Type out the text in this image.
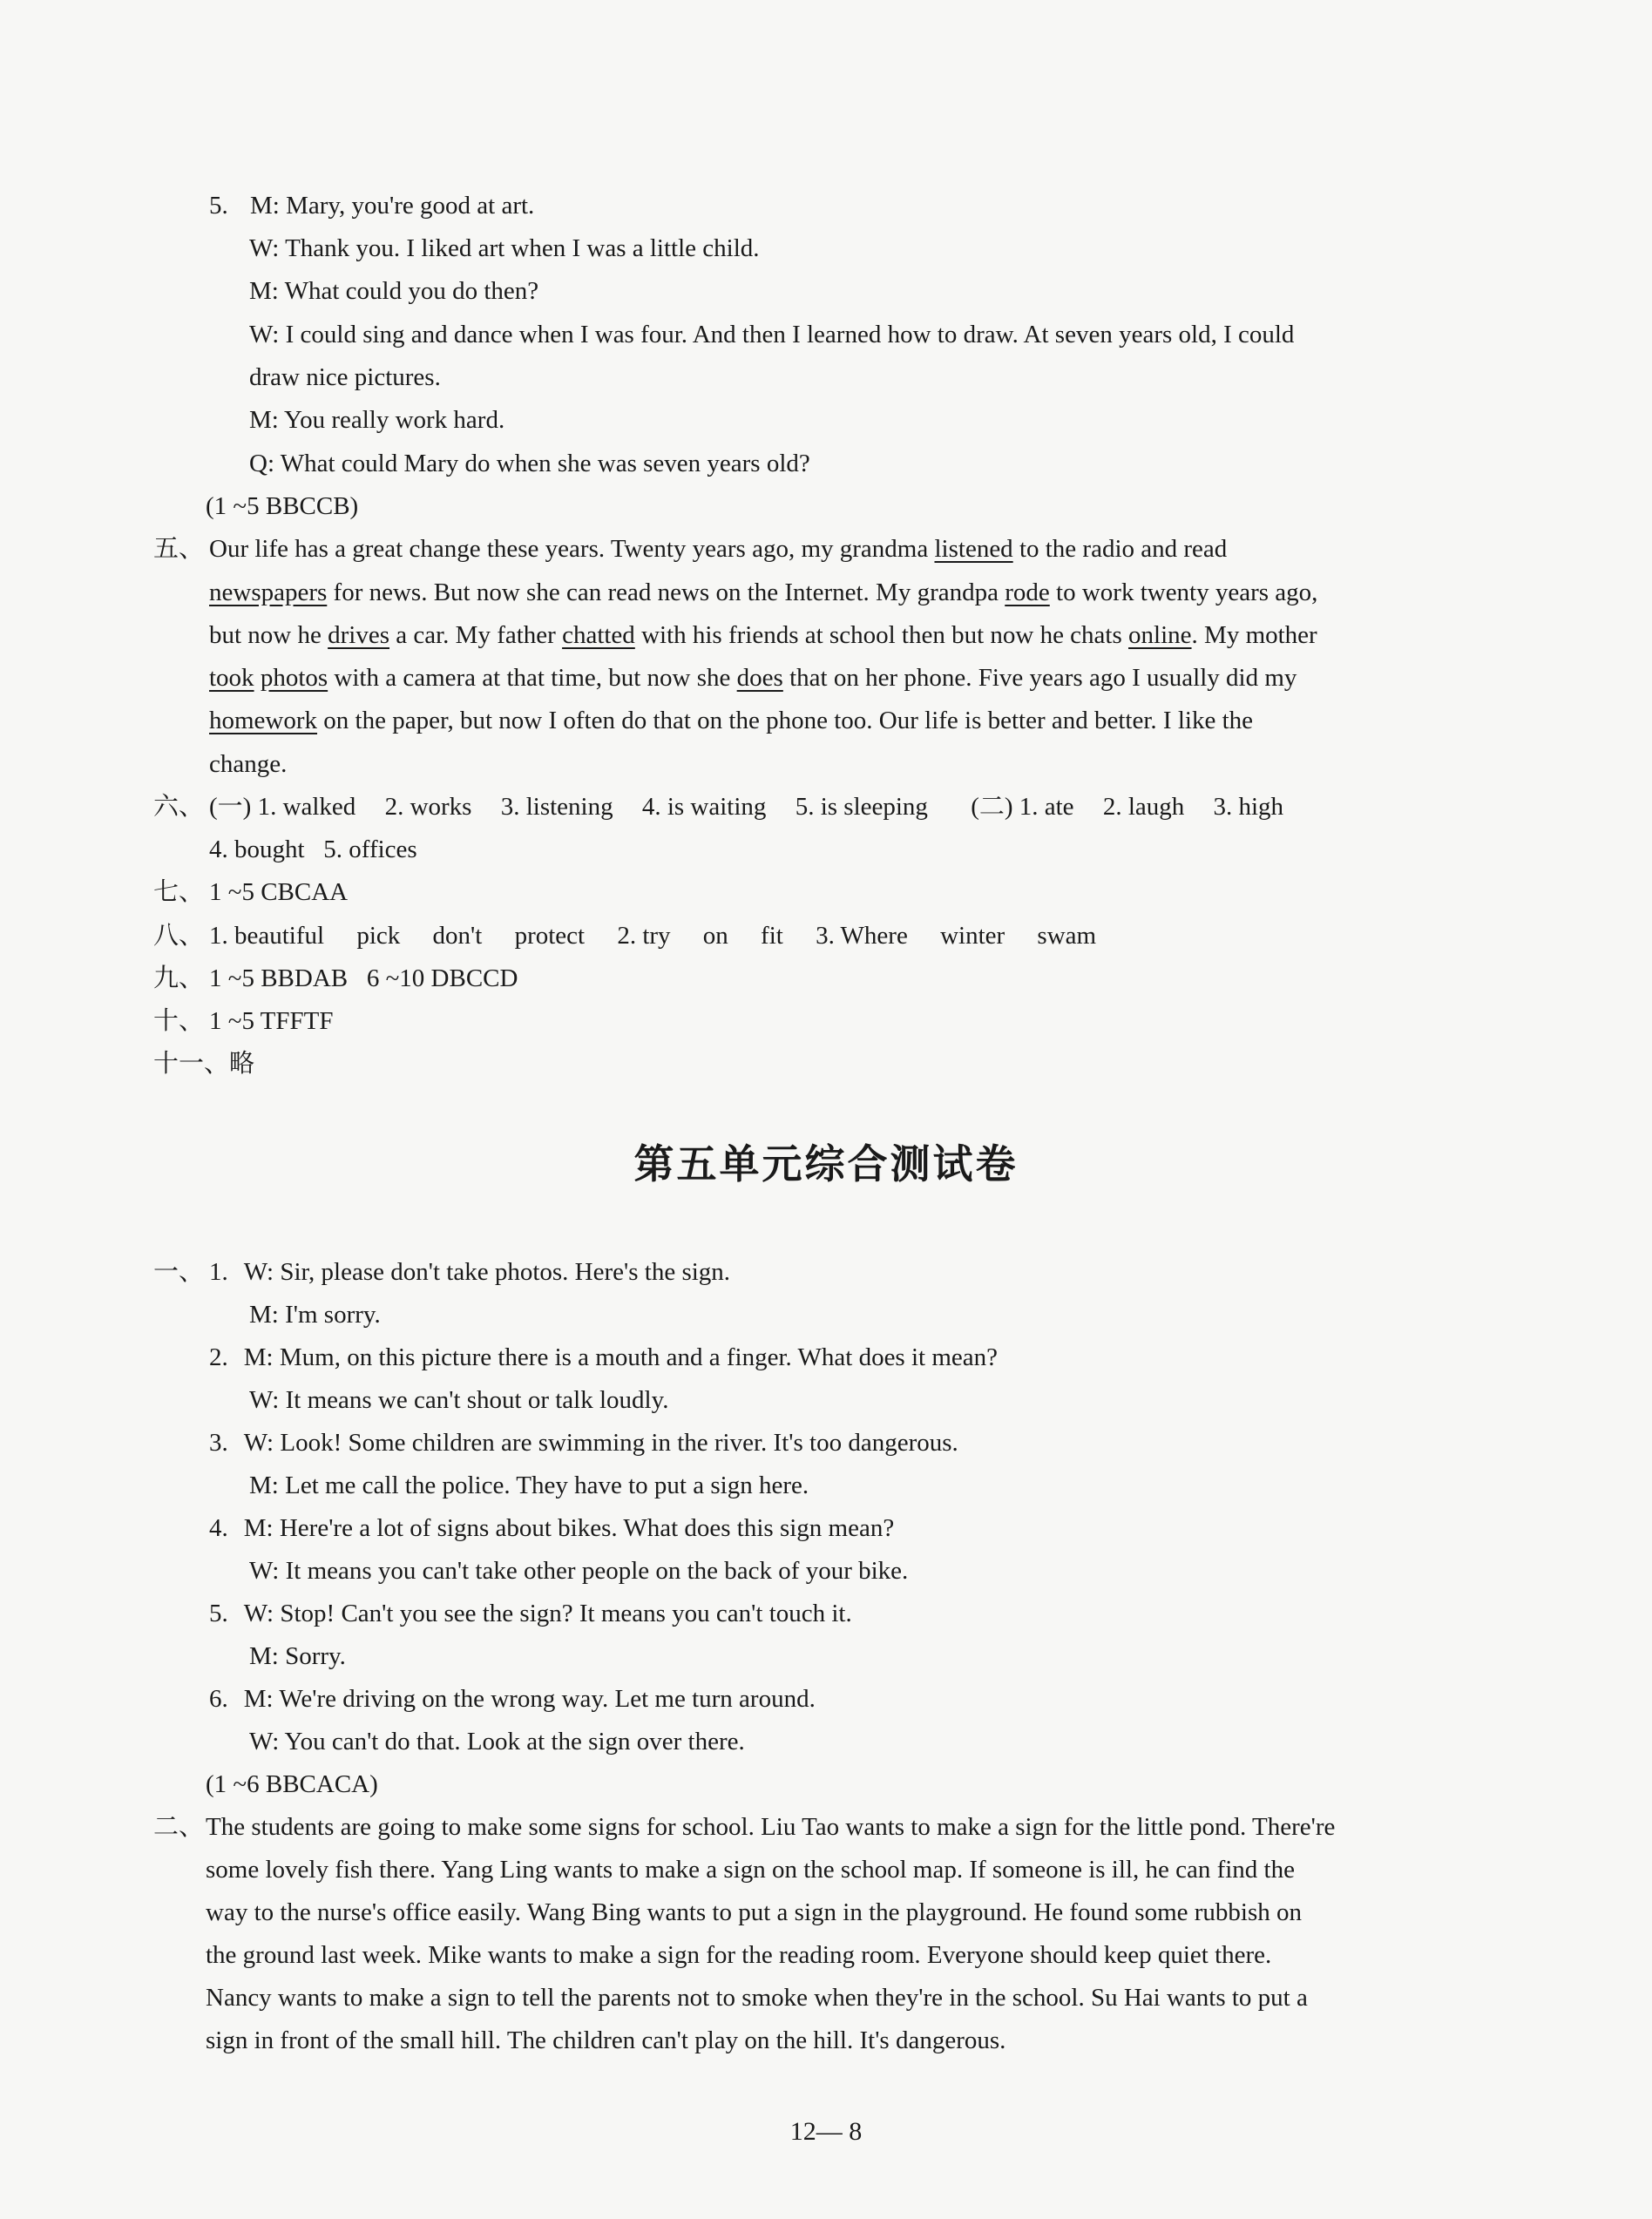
5. M: Mary, you're good at art.
W: Thank you. I liked art when I was a little child.
M: What could you do then?
W: I could sing and dance when I was four. And then I learned how to draw. At seven years old, I could
draw nice pictures.
M: You really work hard.
Q: What could Mary do when she was seven years old?
(1 ~5 BBCCB)
五、 Our life has a great change these years. Twenty years ago, my grandma listened to the radio and read
newspapers for news. But now she can read news on the Internet. My grandpa rode to work twenty years ago,
but now he drives a car. My father chatted with his friends at school then but now he chats online. My mother
took photos with a camera at that time, but now she does that on her phone. Five years ago I usually did my
homework on the paper, but now I often do that on the phone too. Our life is better and better. I like the
change.
六、 (一) 1. walked 2. works 3. listening 4. is waiting 5. is sleeping (二) 1. ate 2. laugh 3. high
4. bought   5. offices
七、 1 ~5 CBCAA
八、 1. beautiful pick don't protect 2. try on fit 3. Where winter swam
九、 1 ~5 BBDAB   6 ~10 DBCCD
十、 1 ~5 TFFTF
十一、略
第五单元综合测试卷
一、 1. W: Sir, please don't take photos. Here's the sign.
M: I'm sorry.
2. M: Mum, on this picture there is a mouth and a finger. What does it mean?
W: It means we can't shout or talk loudly.
3. W: Look! Some children are swimming in the river. It's too dangerous.
M: Let me call the police. They have to put a sign here.
4. M: Here're a lot of signs about bikes. What does this sign mean?
W: It means you can't take other people on the back of your bike.
5. W: Stop! Can't you see the sign? It means you can't touch it.
M: Sorry.
6. M: We're driving on the wrong way. Let me turn around.
W: You can't do that. Look at the sign over there.
(1 ~6 BBCACA)
二、 The students are going to make some signs for school. Liu Tao wants to make a sign for the little pond. There're
some lovely fish there. Yang Ling wants to make a sign on the school map. If someone is ill, he can find the
way to the nurse's office easily. Wang Bing wants to put a sign in the playground. He found some rubbish on
the ground last week. Mike wants to make a sign for the reading room. Everyone should keep quiet there.
Nancy wants to make a sign to tell the parents not to smoke when they're in the school. Su Hai wants to put a
sign in front of the small hill. The children can't play on the hill. It's dangerous.
12— 8
